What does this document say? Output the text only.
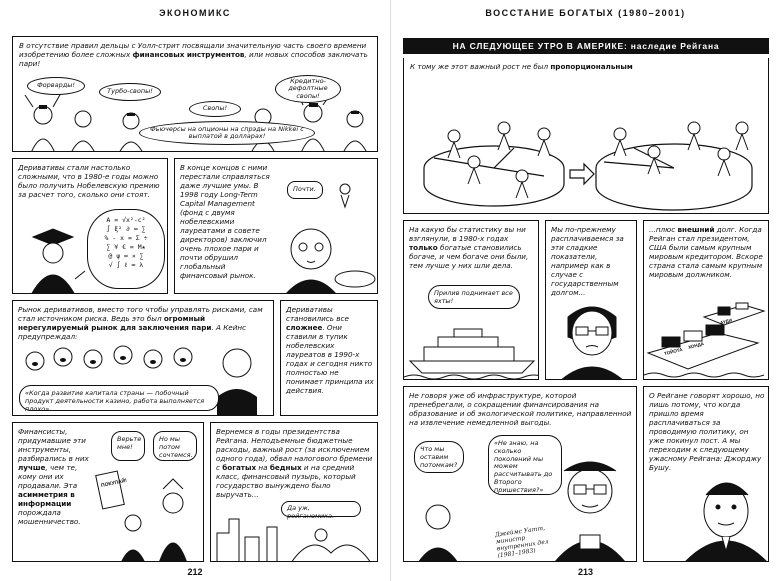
ЭКОНОМИКС
В отсутствие правил дельцы с Уолл-стрит посвящали значительную часть своего времени изобретению более сложных финансовых инструментов, или новых способов заключать пари!
Форварды!
Турбо-свопы!
Свопы!
Кредитно-дефолтные свопы!
Фьючерсы на опционы на спрэды на Nikkei с выплатой в долларах!
Деривативы стали настолько сложными, что в 1980-е годы можно было получить Нобелевскую премию за расчет того, сколько они стоят.
A = √x²-c²
∫ ξ² ∂ ∞ ∑
% - x = Σ ÷
∑ ¥ € = M★
@ ψ ∞ × ∑
√ ∫ ℓ ∞ λ
В конце концов с ними перестали справляться даже лучшие умы. В 1998 году Long-Term Capital Management (фонд с двумя нобелевскими лауреатами в совете директоров) заключил очень плохое пари и почти обрушил глобальный финансовый рынок.
Почти.
Рынок деривативов, вместо того чтобы управлять рисками, сам стал источником риска. Ведь это был огромный нерегулируемый рынок для заключения пари. А Кейнс предупреждал:
«Когда развитие капитала страны — побочный продукт деятельности казино, работа выполняется плохо».
Деривативы становились все сложнее. Они ставили в тупик нобелевских лауреатов в 1990-х годах и сегодня никто полностью не понимает принципа их действия.
Финансисты, придумавшие эти инструменты, разбирались в них лучше, чем те, кому они их продавали. Эта асимметрия в информации порождала мошенничество.
Верьте мне!
Но мы потом сочтемся.
ПОКУПАЙ!
Вернемся в годы президентства Рейгана. Неподъемные бюджетные расходы, важный рост (за исключением одного года), обвал налогового бремени с богатых на бедных и на средний класс, финансовый пузырь, который государство вынуждено было выручать...
Да уж, рейганомика.
212
ВОССТАНИЕ БОГАТЫХ (1980–2001)
НА СЛЕДУЮЩЕЕ УТРО В АМЕРИКЕ: наследие Рейгана
К тому же этот важный рост не был пропорциональным
На какую бы статистику вы ни взглянули, в 1980-х годах только богатые становились богаче, и чем богаче они были, тем лучше у них шли дела.
Прилив поднимает все яхты!
Мы по-прежнему расплачиваемся за эти сладкие показатели, например как в случае с государственным долгом...
...плюс внешний долг. Когда Рейган стал президентом, США были самым крупным мировым кредитором. Вскоре страна стала самым крупным мировым должником.
ТОЙОТА
ХОНДА
АУДИ
Не говоря уже об инфраструктуре, которой пренебрегали, о сокращении финансирования на образование и об экологической политике, направленной на извлечение немедленной выгоды.
Что мы оставим потомкам?
«Не знаю, на сколько поколений мы можем рассчитывать до Второго пришествия?»
Джеймс Уатт, министр внутренних дел (1981–1983)
О Рейгане говорят хорошо, но лишь потому, что когда пришло время расплачиваться за проводимую политику, он уже покинул пост. А мы переходим к следующему ужасному Рейгана: Джорджу Бушу.
213
